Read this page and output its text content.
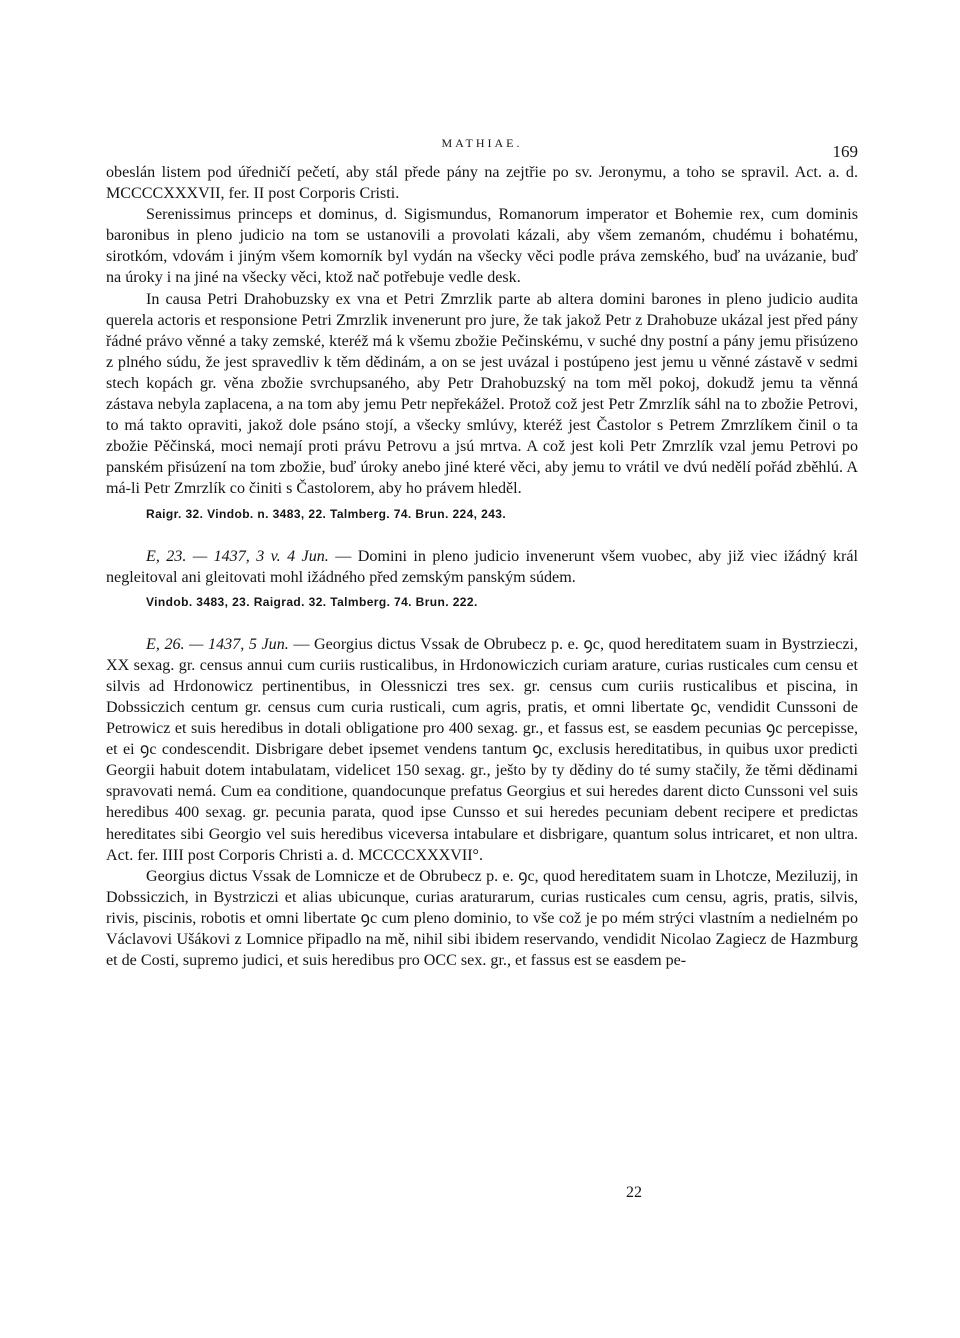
MATHIAE.	169

obeslán listem pod úředničí pečetí, aby stál přede pány na zejtřie po sv. Jeronymu, a toho se spravil. Act. a. d. MCCCCXXXVII, fer. II post Corporis Cristi.

Serenissimus princeps et dominus, d. Sigismundus, Romanorum imperator et Bohemie rex, cum dominis baronibus in pleno judicio na tom se ustanovili a provolati kázali, aby všem zemanóm, chudému i bohatému, sirotkóm, vdovám i jiným všem komorník byl vydán na všecky věci podle práva zemského, buď na uvázanie, buď na úroky i na jiné na všecky věci, ktož nač potřebuje vedle desk.

In causa Petri Drahobuzsky ex vna et Petri Zmrzlik parte ab altera domini barones in pleno judicio audita querela actoris et responsione Petri Zmrzlik invenerunt pro jure, že tak jakož Petr z Drahobuze ukázal jest před pány řádné právo věnné a taky zemské, kteréž má k všemu zbožie Pečinskému, v suché dny postní a pány jemu přisúzeno z plného súdu, že jest spravedliv k těm dědinám, a on se jest uvázal i postúpeno jest jemu u věnné zástavě v sedmi stech kopách gr. věna zbožie svrchupsaného, aby Petr Drahobuzský na tom měl pokoj, dokudž jemu ta věnná zástava nebyla zaplacena, a na tom aby jemu Petr nepřekážel. Protož což jest Petr Zmrzlík sáhl na to zbožie Petrovi, to má takto opraviti, jakož dole psáno stojí, a všecky smlúvy, kteréž jest Častolor s Petrem Zmrzlíkem činil o ta zbožie Pěčinská, moci nemají proti právu Petrovu a jsú mrtva. A což jest koli Petr Zmrzlík vzal jemu Petrovi po panském přisúzení na tom zbožie, buď úroky anebo jiné které věci, aby jemu to vrátil ve dvú nedělí pořád zběhlú. A má-li Petr Zmrzlík co činiti s Častolorem, aby ho právem hleděl.

Raigr. 32. Vindob. n. 3483, 22. Talmberg. 74. Brun. 224, 243.

E, 23. — 1437, 3 v. 4 Jun. — Domini in pleno judicio invenerunt všem vuobec, aby již viec ižádný král negleitoval ani gleitovati mohl ižádného před zemským panským súdem.

Vindob. 3483, 23. Raigrad. 32. Talmberg. 74. Brun. 222.

E, 26. — 1437, 5 Jun. — Georgius dictus Vssak de Obrubecz p. e. ꝯc, quod hereditatem suam in Bystrzieczi, XX sexag. gr. census annui cum curiis rusticalibus, in Hrdonowiczich curiam arature, curias rusticales cum censu et silvis ad Hrdonowicz pertinentibus, in Olessniczi tres sex. gr. census cum curiis rusticalibus et piscina, in Dobssiczich centum gr. census cum curia rusticali, cum agris, pratis, et omni libertate ꝯc, vendidit Cunssoni de Petrowicz et suis heredibus in dotali obligatione pro 400 sexag. gr., et fassus est, se easdem pecunias ꝯc percepisse, et ei ꝯc condescendit. Disbrigare debet ipsemet vendens tantum ꝯc, exclusis hereditatibus, in quibus uxor predicti Georgii habuit dotem intabulatam, videlicet 150 sexag. gr., ješto by ty dědiny do té sumy stačily, že těmi dědinami spravovati nemá. Cum ea conditione, quandocunque prefatus Georgius et sui heredes darent dicto Cunssoni vel suis heredibus 400 sexag. gr. pecunia parata, quod ipse Cunsso et sui heredes pecuniam debent recipere et predictas hereditates sibi Georgio vel suis heredibus viceversa intabulare et disbrigare, quantum solus intricaret, et non ultra. Act. fer. IIII post Corporis Christi a. d. MCCCCXXXVII°.

Georgius dictus Vssak de Lomnicze et de Obrubecz p. e. ꝯc, quod hereditatem suam in Lhotcze, Meziluzij, in Dobssiczich, in Bystrziczi et alias ubicunque, curias araturarum, curias rusticales cum censu, agris, pratis, silvis, rivis, piscinis, robotis et omni libertate ꝯc cum pleno dominio, to vše což je po mém strýci vlastním a nedielném po Václavovi Ušákovi z Lomnice připadlo na mě, nihil sibi ibidem reservando, vendidit Nicolao Zagiecz de Hazmburg et de Costi, supremo judici, et suis heredibus pro OCC sex. gr., et fassus est se easdem pe-

22
